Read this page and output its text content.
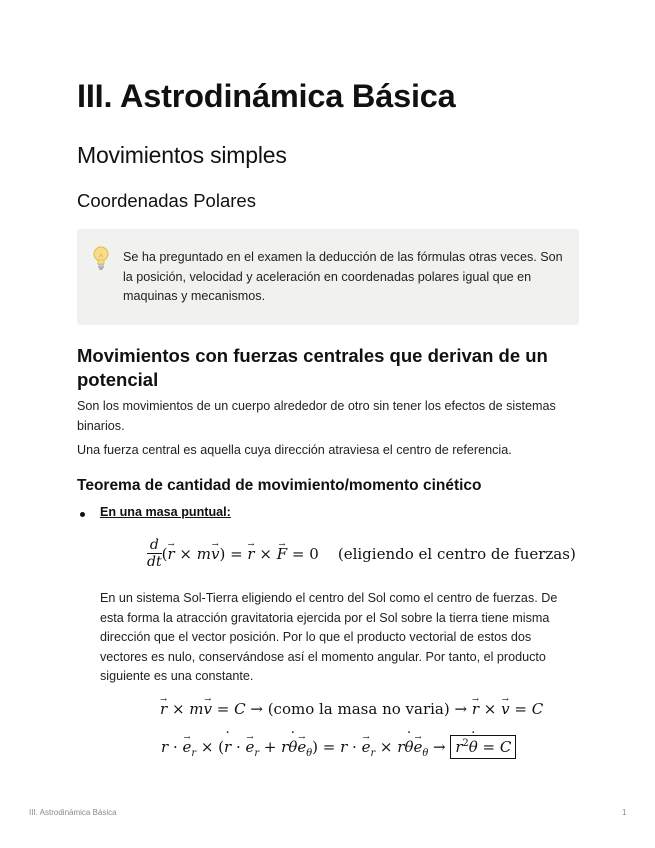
III. Astrodinámica Básica
Movimientos simples
Coordenadas Polares

Se ha preguntado en el examen la deducción de las fórmulas otras veces. Son la posición, velocidad y aceleración en coordenadas polares igual que en maquinas y mecanismos.

Movimientos con fuerzas centrales que derivan de un potencial

Son los movimientos de un cuerpo alrededor de otro sin tener los efectos de sistemas binarios.

Una fuerza central es aquella cuya dirección atraviesa el centro de referencia.

Teorema de cantidad de movimiento/momento cinético
En una masa puntual:
$\frac{d}{dt} (r$ → × mv →) = r → × F → = 0    (eligiendo el centro de fuerzas)

En un sistema Sol-Tierra eligiendo el centro del Sol como el centro de fuerzas. De esta forma la atracción gravitatoria ejercida por el Sol sobre la tierra tiene misma dirección que el vector posición. Por lo que el producto vectorial de estos dos vectores es nulo, conservándose así el momento angular. Por tanto, el producto siguiente es una constante.

r → × mv → = C → (como la masa no varia) → r → × v → = C
$r \cdot e \to_r \times (r$ ˙ · $e \to_r + r\theta$ ˙e $\to_\theta) = r \cdot e \to_r \times r\theta$ ˙e $\to_\theta \to r^2\theta$ ˙ = C
III. Astrodinámica Básica	1
